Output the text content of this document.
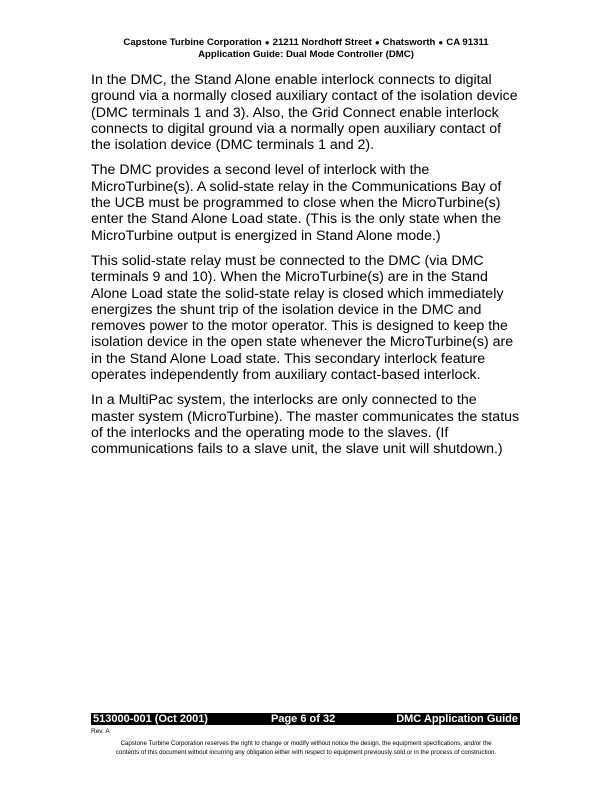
Capstone Turbine Corporation ● 21211 Nordhoff Street ● Chatsworth ● CA 91311
Application Guide: Dual Mode Controller (DMC)

In the DMC, the Stand Alone enable interlock connects to digital ground via a normally closed auxiliary contact of the isolation device (DMC terminals 1 and 3). Also, the Grid Connect enable interlock connects to digital ground via a normally open auxiliary contact of the isolation device (DMC terminals 1 and 2).

The DMC provides a second level of interlock with the MicroTurbine(s). A solid-state relay in the Communications Bay of the UCB must be programmed to close when the MicroTurbine(s) enter the Stand Alone Load state. (This is the only state when the MicroTurbine output is energized in Stand Alone mode.)

This solid-state relay must be connected to the DMC (via DMC terminals 9 and 10). When the MicroTurbine(s) are in the Stand Alone Load state the solid-state relay is closed which immediately energizes the shunt trip of the isolation device in the DMC and removes power to the motor operator. This is designed to keep the isolation device in the open state whenever the MicroTurbine(s) are in the Stand Alone Load state. This secondary interlock feature operates independently from auxiliary contact-based interlock.

In a MultiPac system, the interlocks are only connected to the master system (MicroTurbine). The master communicates the status of the interlocks and the operating mode to the slaves. (If communications fails to a slave unit, the slave unit will shutdown.)

513000-001 (Oct 2001)	Page 6 of 32	DMC Application Guide
Rev. A
Capstone Turbine Corporation reserves the right to change or modify without notice the design, the equipment specifications, and/or the
contents of this document without incurring any obligation either with respect to equipment previously sold or in the process of construction.
